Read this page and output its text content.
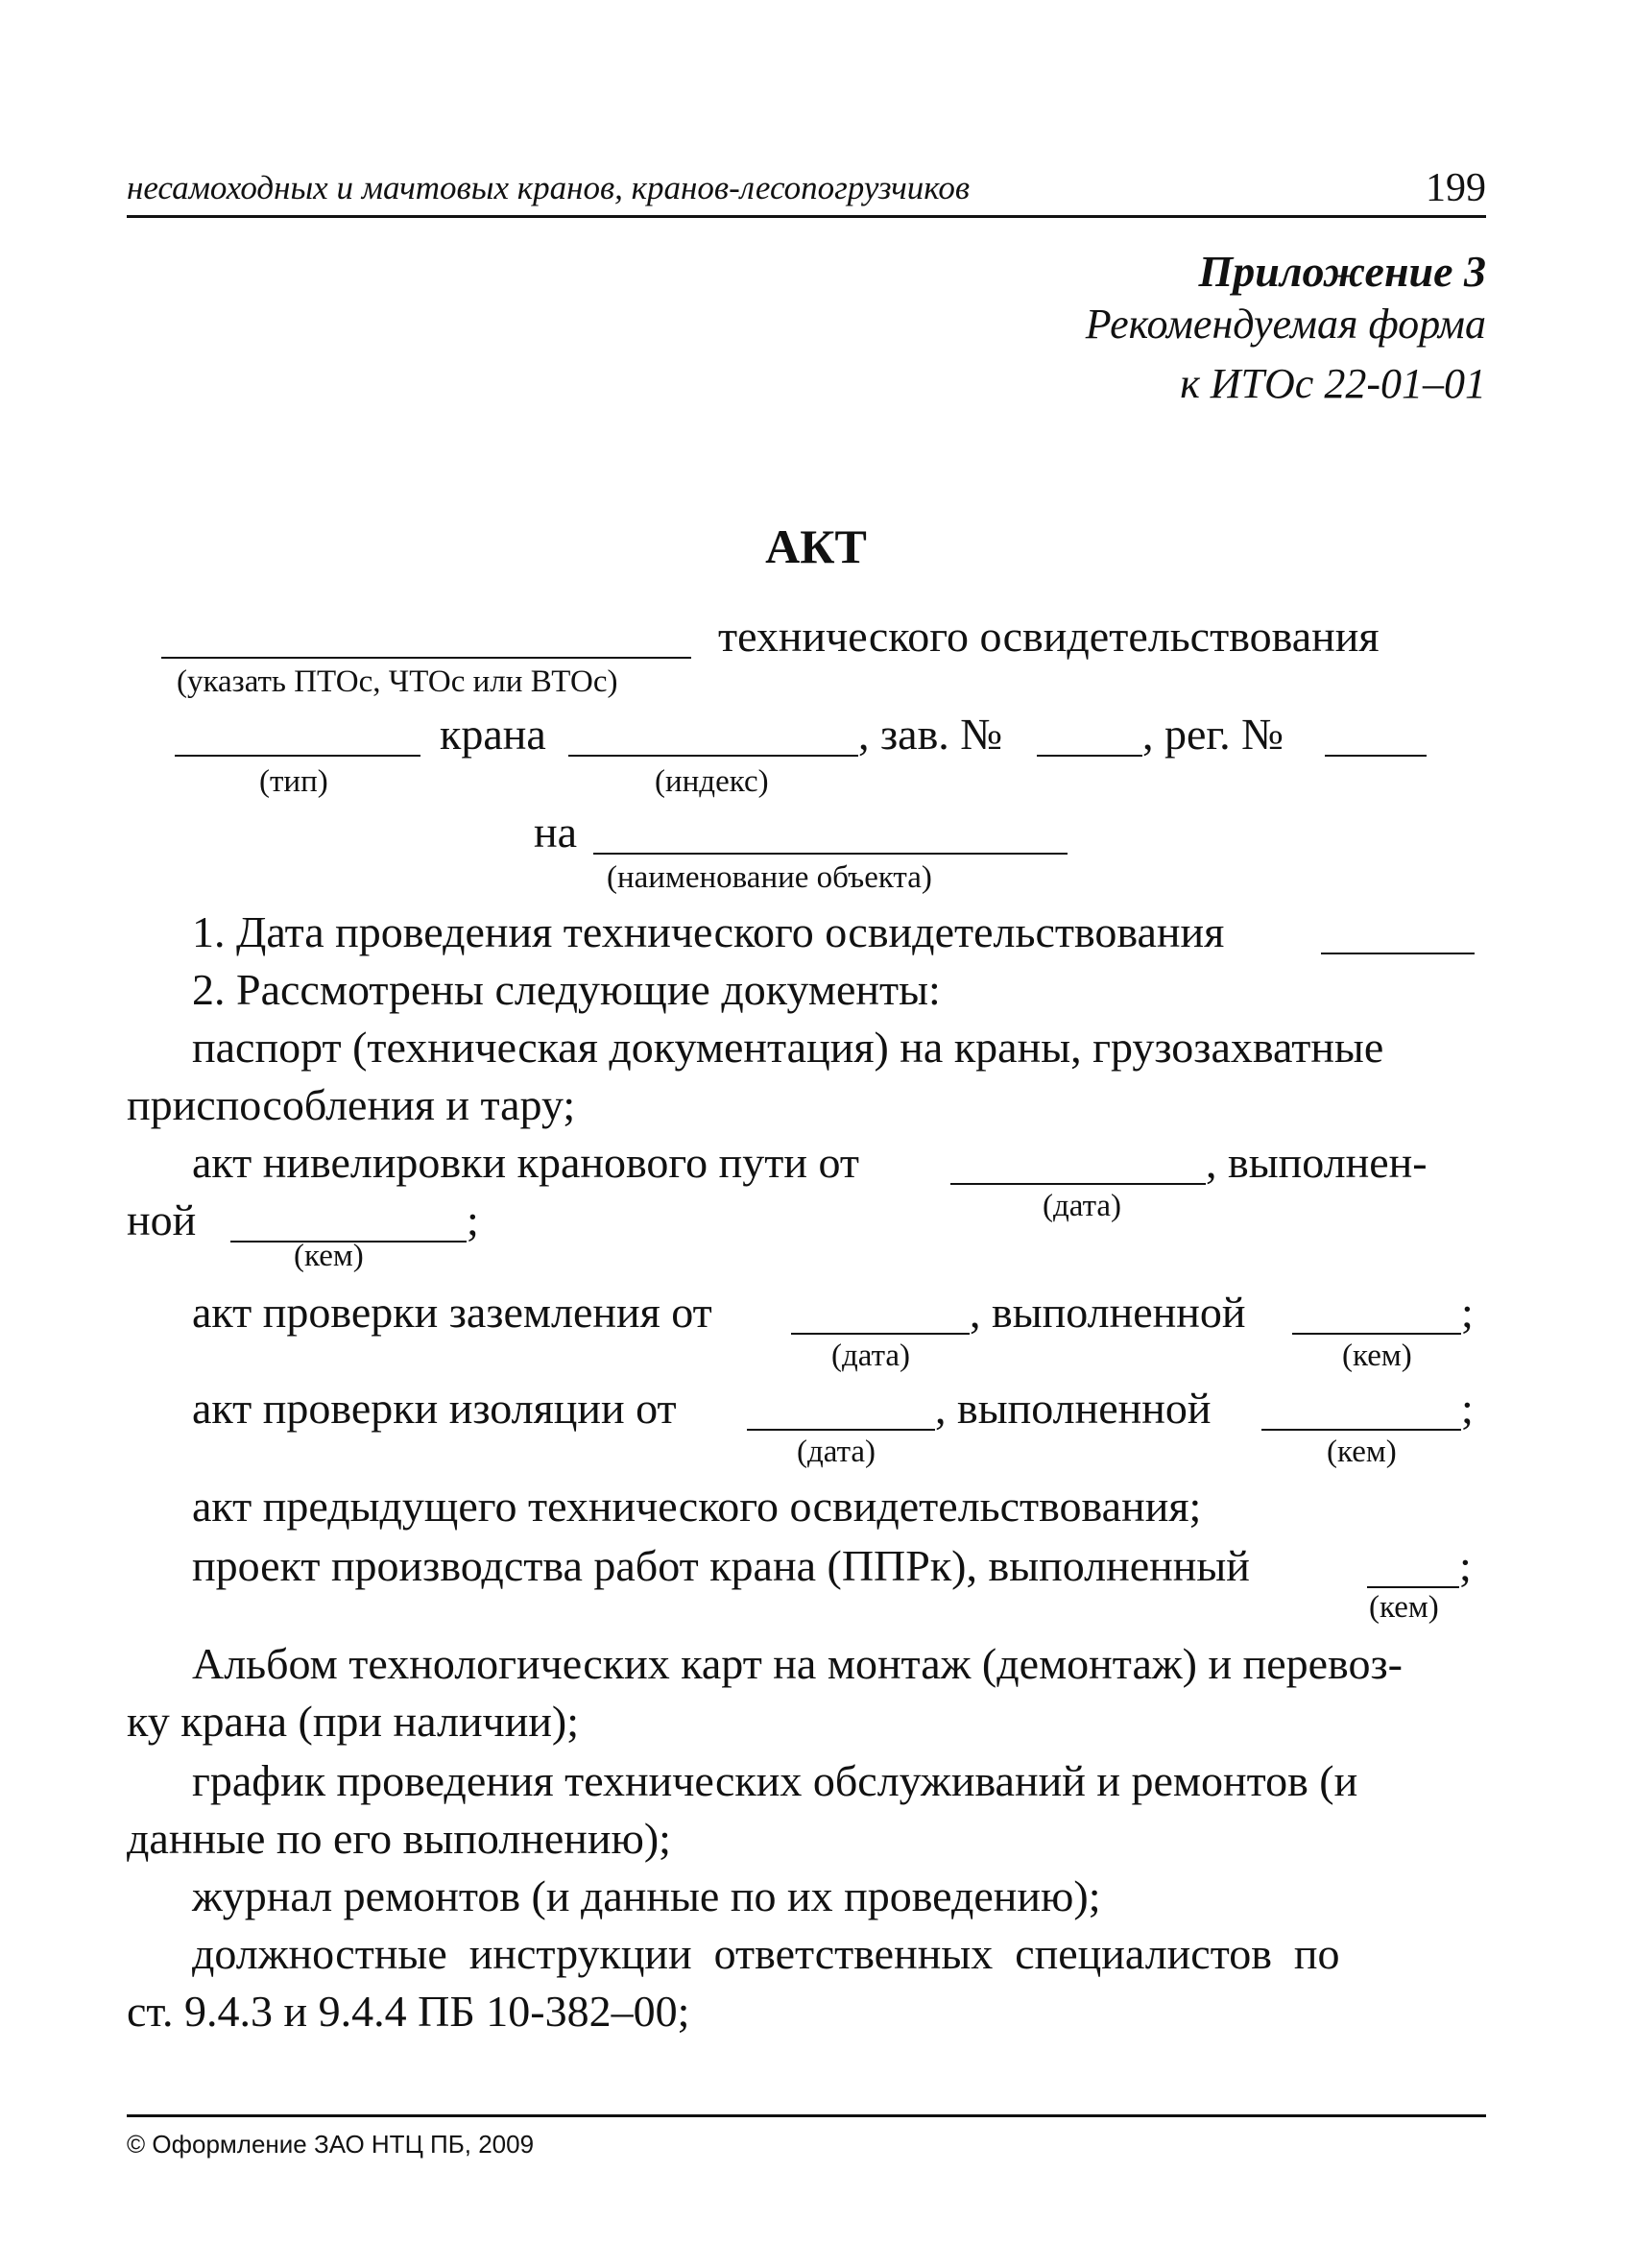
несамоходных и мачтовых кранов, кранов-лесопогрузчиков	199
Приложение 3
Рекомендуемая форма
к ИТОс 22-01–01
АКТ
технического освидетельствования
(указать ПТОс, ЧТОс или ВТОс)
крана	, зав. №	, рег. №
(тип)	(индекс)
на
(наименование объекта)
1. Дата проведения технического освидетельствования
2. Рассмотрены следующие документы:
паспорт (техническая документация) на краны, грузозахватные
приспособления и тару;
акт нивелировки кранового пути от	, выполнен-
ной	;	(дата)
(кем)
акт проверки заземления от	, выполненной	;
(дата)	(кем)
акт проверки изоляции от	, выполненной	;
(дата)	(кем)
акт предыдущего технического освидетельствования;
проект производства работ крана (ППРк), выполненный	;
(кем)
Альбом технологических карт на монтаж (демонтаж) и перевоз-
ку крана (при наличии);
график проведения технических обслуживаний и ремонтов (и
данные по его выполнению);
журнал ремонтов (и данные по их проведению);
должностные  инструкции  ответственных  специалистов  по
ст. 9.4.3 и 9.4.4 ПБ 10-382–00;
© Оформление ЗАО НТЦ ПБ, 2009
